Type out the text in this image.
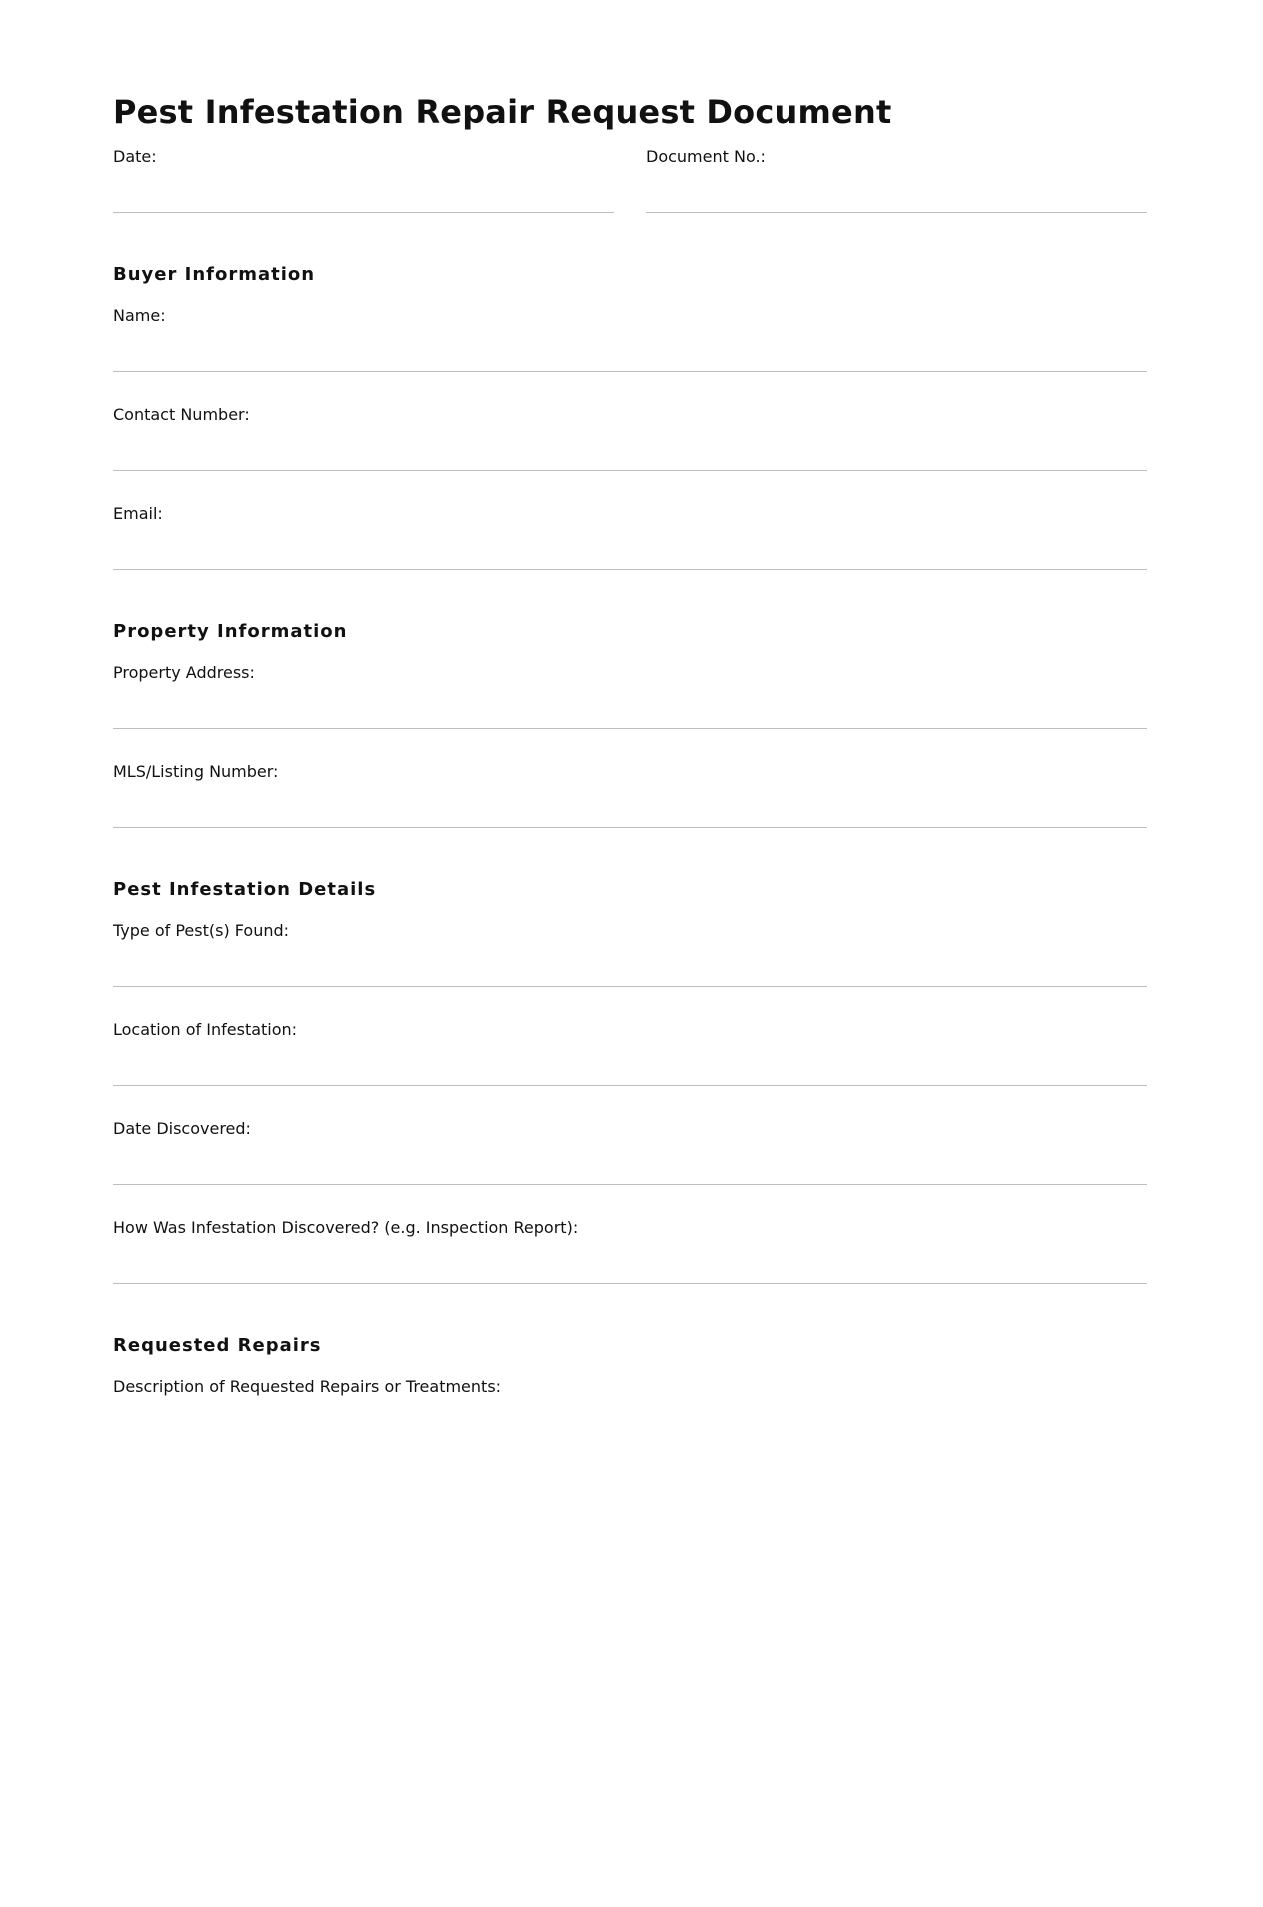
Pest Infestation Repair Request Document
Date:	Document No.:
Buyer Information
Name:
Contact Number:
Email:
Property Information
Property Address:
MLS/Listing Number:
Pest Infestation Details
Type of Pest(s) Found:
Location of Infestation:
Date Discovered:
How Was Infestation Discovered? (e.g. Inspection Report):
Requested Repairs
Description of Requested Repairs or Treatments:
